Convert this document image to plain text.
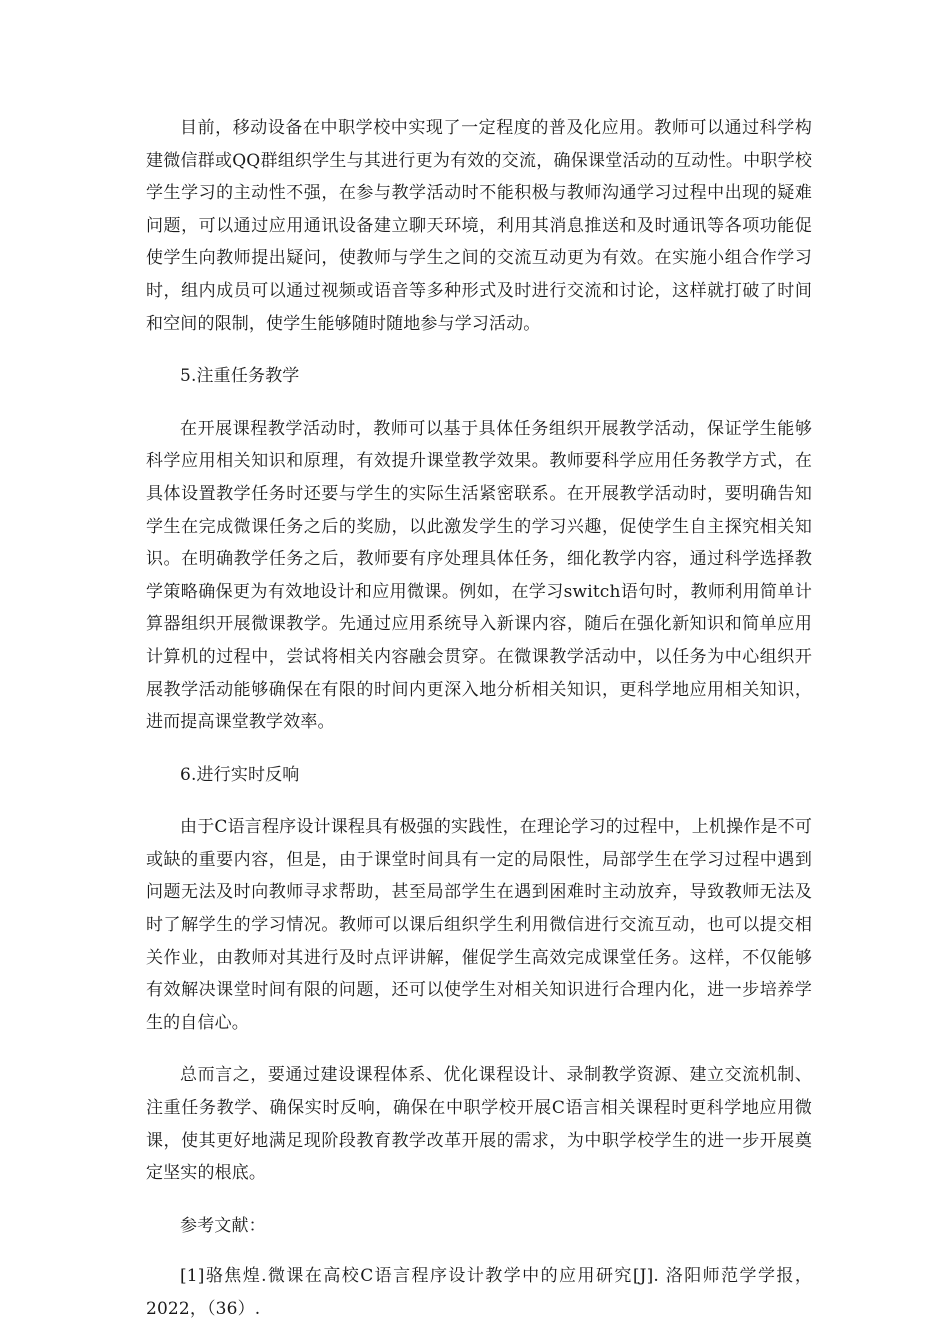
目前，移动设备在中职学校中实现了一定程度的普及化应用。教师可以通过科学构建微信群或QQ群组织学生与其进行更为有效的交流，确保课堂活动的互动性。中职学校学生学习的主动性不强，在参与教学活动时不能积极与教师沟通学习过程中出现的疑难问题，可以通过应用通讯设备建立聊天环境，利用其消息推送和及时通讯等各项功能促使学生向教师提出疑问，使教师与学生之间的交流互动更为有效。在实施小组合作学习时，组内成员可以通过视频或语音等多种形式及时进行交流和讨论，这样就打破了时间和空间的限制，使学生能够随时随地参与学习活动。

5.注重任务教学

在开展课程教学活动时，教师可以基于具体任务组织开展教学活动，保证学生能够科学应用相关知识和原理，有效提升课堂教学效果。教师要科学应用任务教学方式，在具体设置教学任务时还要与学生的实际生活紧密联系。在开展教学活动时，要明确告知学生在完成微课任务之后的奖励，以此激发学生的学习兴趣，促使学生自主探究相关知识。在明确教学任务之后，教师要有序处理具体任务，细化教学内容，通过科学选择教学策略确保更为有效地设计和应用微课。例如，在学习switch语句时，教师利用简单计算器组织开展微课教学。先通过应用系统导入新课内容，随后在强化新知识和简单应用计算机的过程中，尝试将相关内容融会贯穿。在微课教学活动中，以任务为中心组织开展教学活动能够确保在有限的时间内更深入地分析相关知识，更科学地应用相关知识，进而提高课堂教学效率。

6.进行实时反响

由于C语言程序设计课程具有极强的实践性，在理论学习的过程中，上机操作是不可或缺的重要内容，但是，由于课堂时间具有一定的局限性，局部学生在学习过程中遇到问题无法及时向教师寻求帮助，甚至局部学生在遇到困难时主动放弃，导致教师无法及时了解学生的学习情况。教师可以课后组织学生利用微信进行交流互动，也可以提交相关作业，由教师对其进行及时点评讲解，催促学生高效完成课堂任务。这样，不仅能够有效解决课堂时间有限的问题，还可以使学生对相关知识进行合理内化，进一步培养学生的自信心。

总而言之，要通过建设课程体系、优化课程设计、录制教学资源、建立交流机制、注重任务教学、确保实时反响，确保在中职学校开展C语言相关课程时更科学地应用微课，使其更好地满足现阶段教育教学改革开展的需求，为中职学校学生的进一步开展奠定坚实的根底。

参考文献：

[1]骆焦煌.微课在高校C语言程序设计教学中的应用研究[J]. 洛阳师范学学报，2022，（36）.
